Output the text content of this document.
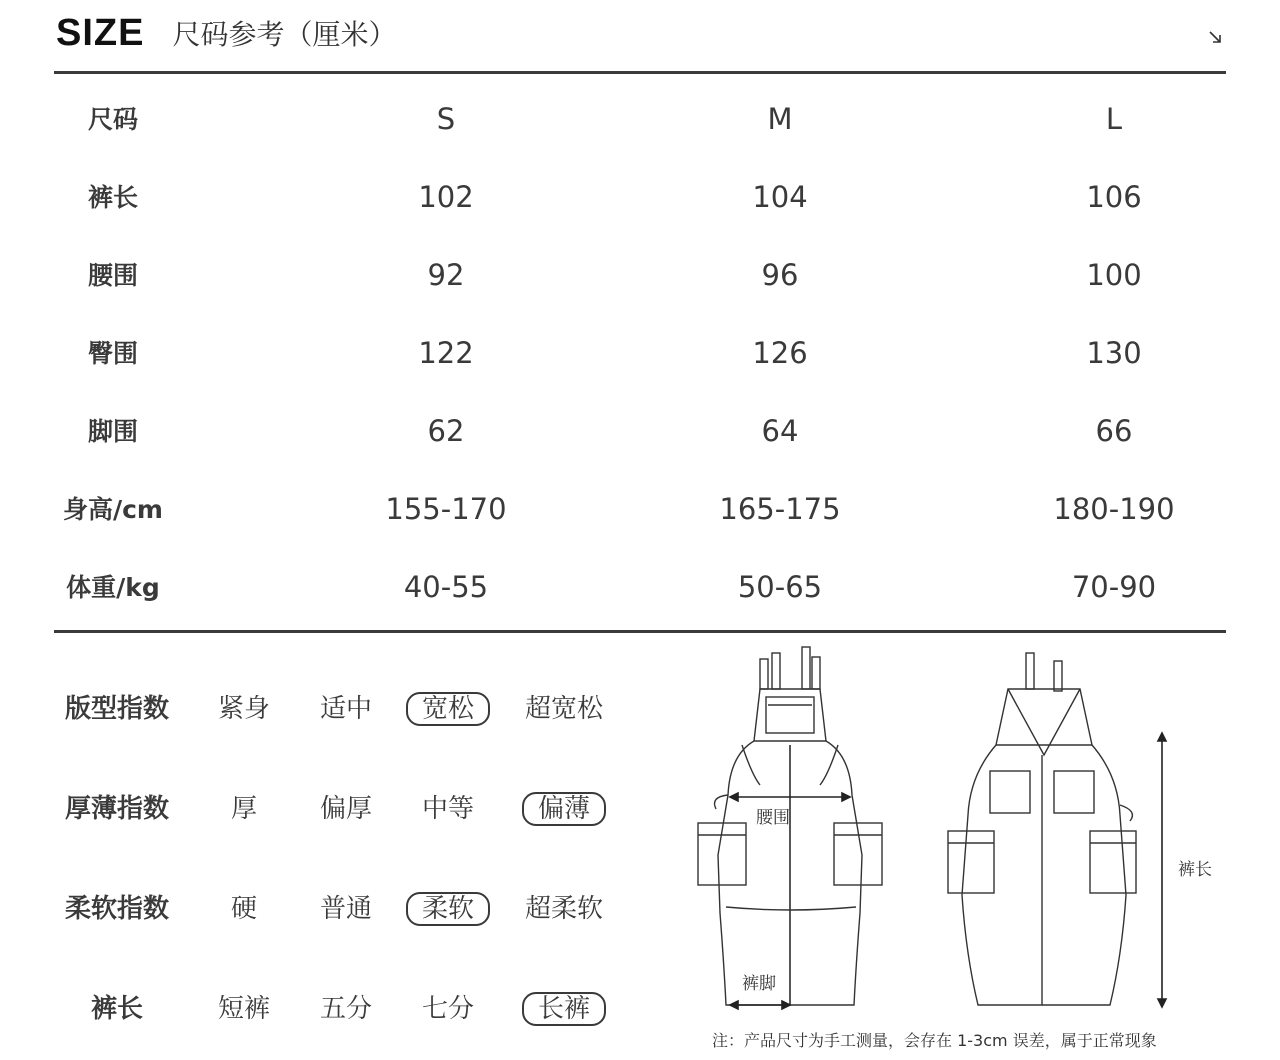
SIZE 尺码参考（厘米）
尺码	S	M	L
裤长	102	104	106
腰围	92	96	100
臀围	122	126	130
脚围	62	64	66
身高/cm	155-170	165-175	180-190
体重/kg	40-55	50-65	70-90
版型指数	紧身	适中	宽松	超宽松
厚薄指数	厚	偏厚	中等	偏薄
柔软指数	硬	普通	柔软	超柔软
裤长	短裤	五分	七分	长裤
腰围
裤脚
裤长
注：产品尺寸为手工测量，会存在 1-3cm 误差，属于正常现象
